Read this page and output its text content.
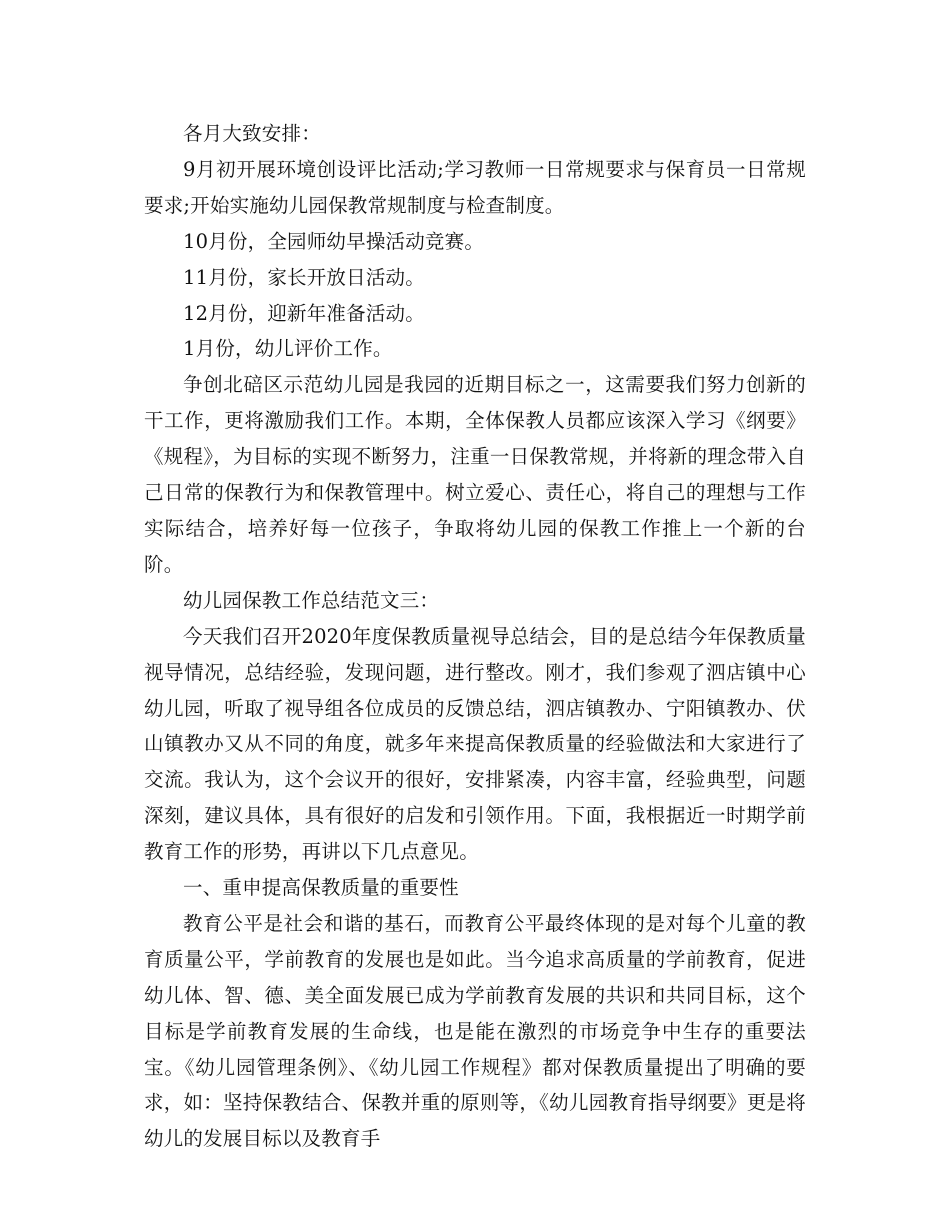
各月大致安排：

9月初开展环境创设评比活动;学习教师一日常规要求与保育员一日常规要求;开始实施幼儿园保教常规制度与检查制度。

10月份，全园师幼早操活动竞赛。

11月份，家长开放日活动。

12月份，迎新年准备活动。

1月份，幼儿评价工作。

争创北碚区示范幼儿园是我园的近期目标之一，这需要我们努力创新的干工作，更将激励我们工作。本期，全体保教人员都应该深入学习《纲要》《规程》，为目标的实现不断努力，注重一日保教常规，并将新的理念带入自己日常的保教行为和保教管理中。树立爱心、责任心，将自己的理想与工作实际结合，培养好每一位孩子，争取将幼儿园的保教工作推上一个新的台阶。

幼儿园保教工作总结范文三：

今天我们召开2020年度保教质量视导总结会，目的是总结今年保教质量视导情况，总结经验，发现问题，进行整改。刚才，我们参观了泗店镇中心幼儿园，听取了视导组各位成员的反馈总结，泗店镇教办、宁阳镇教办、伏山镇教办又从不同的角度，就多年来提高保教质量的经验做法和大家进行了交流。我认为，这个会议开的很好，安排紧凑，内容丰富，经验典型，问题深刻，建议具体，具有很好的启发和引领作用。下面，我根据近一时期学前教育工作的形势，再讲以下几点意见。

一、重申提高保教质量的重要性

教育公平是社会和谐的基石，而教育公平最终体现的是对每个儿童的教育质量公平，学前教育的发展也是如此。当今追求高质量的学前教育，促进幼儿体、智、德、美全面发展已成为学前教育发展的共识和共同目标，这个目标是学前教育发展的生命线，也是能在激烈的市场竞争中生存的重要法宝。《幼儿园管理条例》、《幼儿园工作规程》都对保教质量提出了明确的要求，如：坚持保教结合、保教并重的原则等，《幼儿园教育指导纲要》更是将幼儿的发展目标以及教育手
